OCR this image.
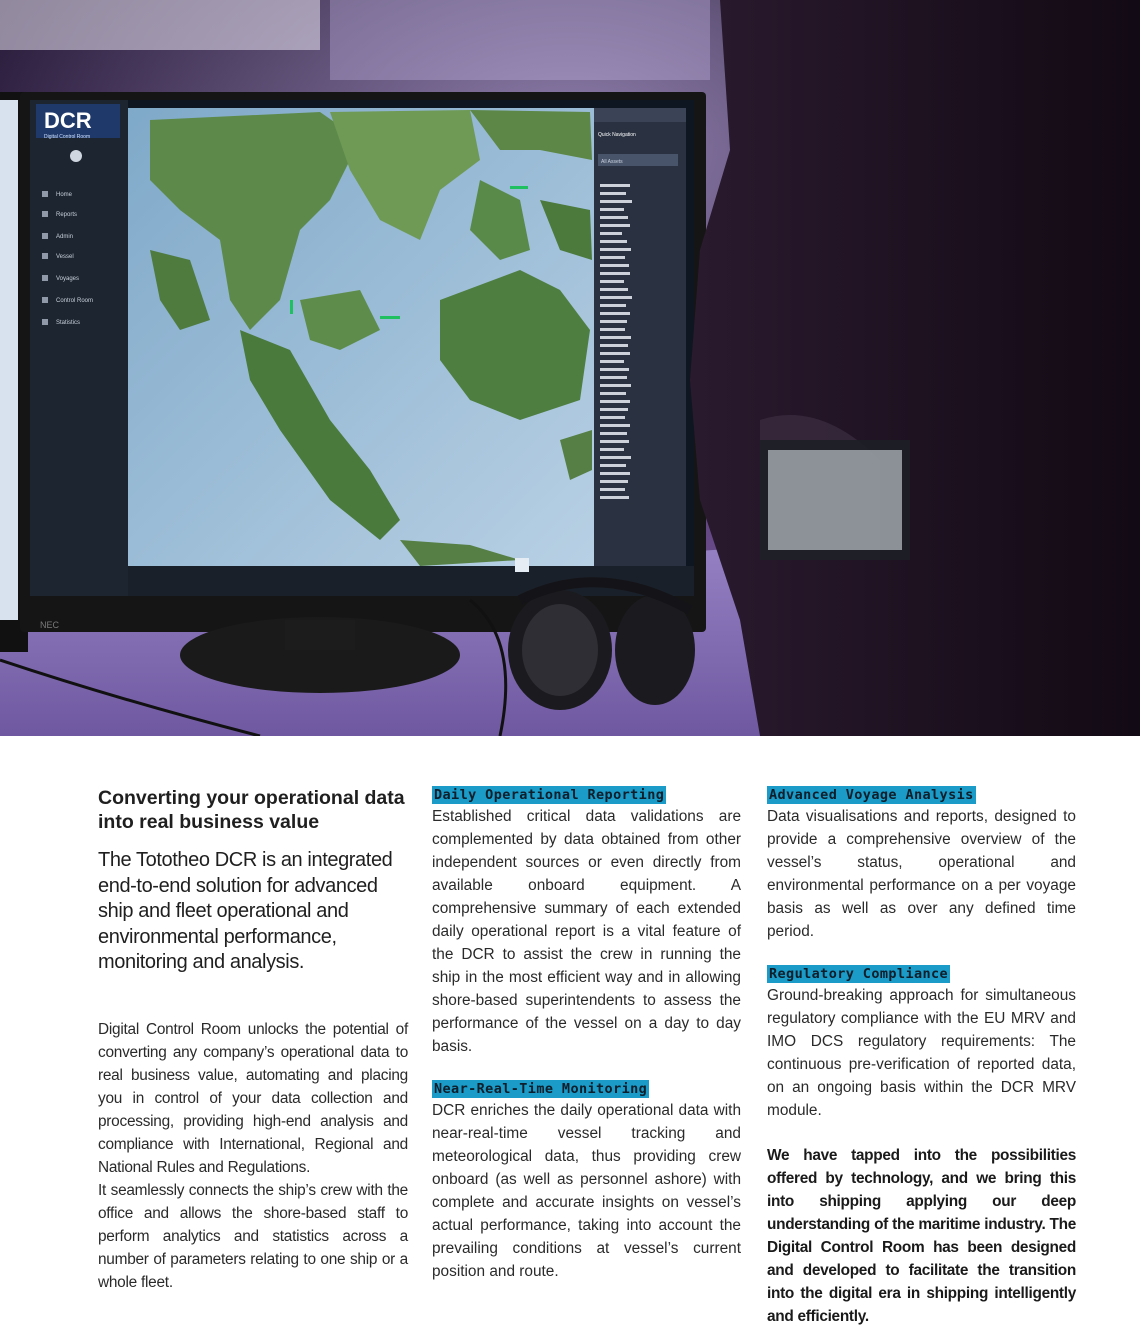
DCR
Digital Control Room
Home
Reports
Admin
Vessel
Voyages
Control Room
Statistics
Quick Navigation
All Assets
NEC
Converting your operational data into real business value

The Tototheo DCR is an integrated end-to-end solution for advanced ship and fleet operational and environmental performance, monitoring and analysis.

Digital Control Room unlocks the potential of converting any company’s operational data to real business value, automating and placing you in control of your data collection and processing, providing high-end analysis and compliance with International, Regional and National Rules and Regulations.

It seamlessly connects the ship’s crew with the office and allows the shore-based staff to perform analytics and statistics across a number of parameters relating to one ship or a whole fleet.

Daily Operational Reporting

Established critical data validations are complemented by data obtained from other independent sources or even directly from available onboard equipment. A comprehensive summary of each extended daily operational report is a vital feature of the DCR to assist the crew in running the ship in the most efficient way and in allowing shore-based superintendents to assess the performance of the vessel on a day to day basis.

Near-Real-Time Monitoring

DCR enriches the daily operational data with near-real-time vessel tracking and meteorological data, thus providing crew onboard (as well as personnel ashore) with complete and accurate insights on vessel’s actual performance, taking into account the prevailing conditions at vessel’s current position and route.

Advanced Voyage Analysis

Data visualisations and reports, designed to provide a comprehensive overview of the vessel’s status, operational and environmental performance on a per voyage basis as well as over any defined time period.

Regulatory Compliance

Ground-breaking approach for simultaneous regulatory compliance with the EU MRV and IMO DCS regulatory requirements: The continuous pre-verification of reported data, on an ongoing basis within the DCR MRV module.

We have tapped into the possibilities offered by technology, and we bring this into shipping applying our deep understanding of the maritime industry. The Digital Control Room has been designed and developed to facilitate the transition into the digital era in shipping intelligently and efficiently.
